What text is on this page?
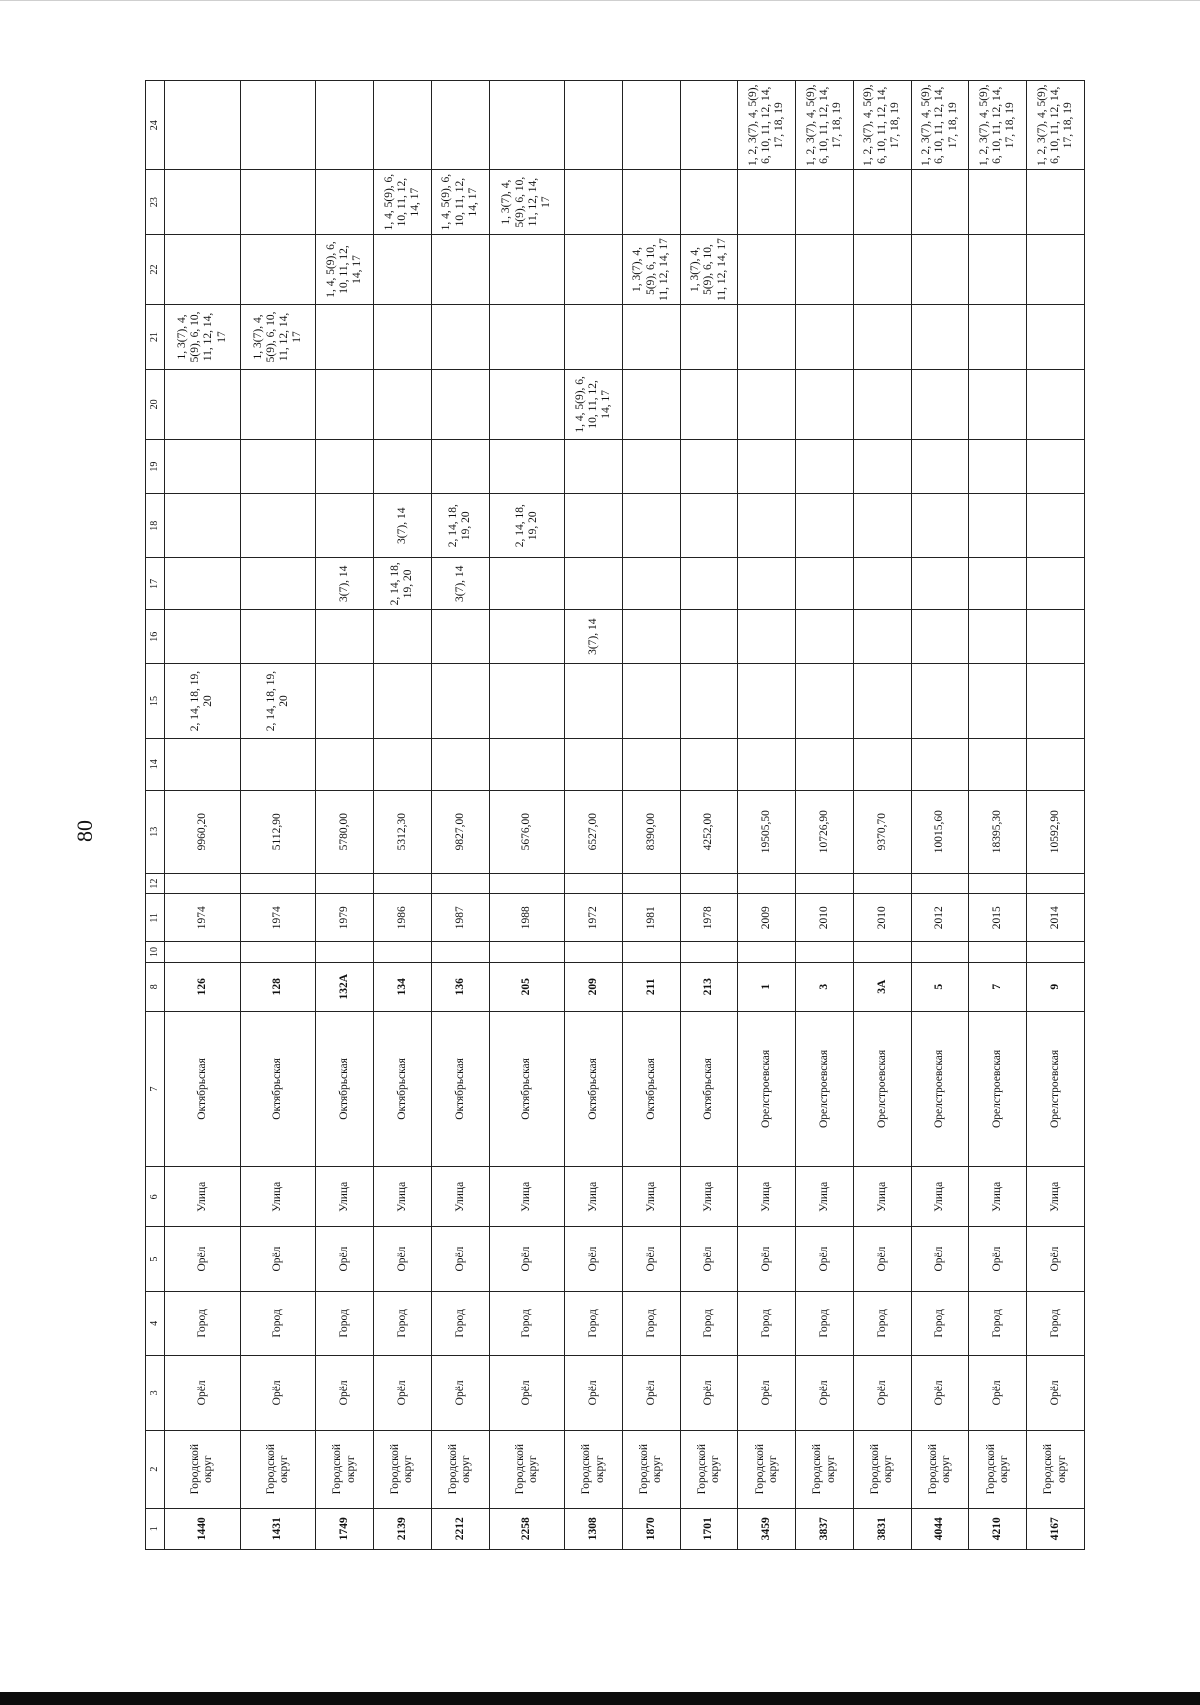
80
1	2	3	4	5	6	7	8	10	11	12	13	14	15	16	17	18	19	20	21	22	23	24
1440	Городской округ	Орёл	Город	Орёл	Улица	Октябрьская	126		1974		9960,20		2, 14, 18, 19, 20						1, 3(7), 4, 5(9), 6, 10, 11, 12, 14, 17			
1431	Городской округ	Орёл	Город	Орёл	Улица	Октябрьская	128		1974		5112,90		2, 14, 18, 19, 20						1, 3(7), 4, 5(9), 6, 10, 11, 12, 14, 17			
1749	Городской округ	Орёл	Город	Орёл	Улица	Октябрьская	132А		1979		5780,00				3(7), 14					1, 4, 5(9), 6, 10, 11, 12, 14, 17		
2139	Городской округ	Орёл	Город	Орёл	Улица	Октябрьская	134		1986		5312,30				2, 14, 18, 19, 20	3(7), 14					1, 4, 5(9), 6, 10, 11, 12, 14, 17	
2212	Городской округ	Орёл	Город	Орёл	Улица	Октябрьская	136		1987		9827,00				3(7), 14	2, 14, 18, 19, 20					1, 4, 5(9), 6, 10, 11, 12, 14, 17	
2258	Городской округ	Орёл	Город	Орёл	Улица	Октябрьская	205		1988		5676,00					2, 14, 18, 19, 20					1, 3(7), 4, 5(9), 6, 10, 11, 12, 14, 17	
1308	Городской округ	Орёл	Город	Орёл	Улица	Октябрьская	209		1972		6527,00			3(7), 14				1, 4, 5(9), 6, 10, 11, 12, 14, 17				
1870	Городской округ	Орёл	Город	Орёл	Улица	Октябрьская	211		1981		8390,00									1, 3(7), 4, 5(9), 6, 10, 11, 12, 14, 17		
1701	Городской округ	Орёл	Город	Орёл	Улица	Октябрьская	213		1978		4252,00									1, 3(7), 4, 5(9), 6, 10, 11, 12, 14, 17		
3459	Городской округ	Орёл	Город	Орёл	Улица	Орелстроевская	1		2009		19505,50											1, 2, 3(7), 4, 5(9), 6, 10, 11, 12, 14, 17, 18, 19
3837	Городской округ	Орёл	Город	Орёл	Улица	Орелстроевская	3		2010		10726,90											1, 2, 3(7), 4, 5(9), 6, 10, 11, 12, 14, 17, 18, 19
3831	Городской округ	Орёл	Город	Орёл	Улица	Орелстроевская	3А		2010		9370,70											1, 2, 3(7), 4, 5(9), 6, 10, 11, 12, 14, 17, 18, 19
4044	Городской округ	Орёл	Город	Орёл	Улица	Орелстроевская	5		2012		10015,60											1, 2, 3(7), 4, 5(9), 6, 10, 11, 12, 14, 17, 18, 19
4210	Городской округ	Орёл	Город	Орёл	Улица	Орелстроевская	7		2015		18395,30											1, 2, 3(7), 4, 5(9), 6, 10, 11, 12, 14, 17, 18, 19
4167	Городской округ	Орёл	Город	Орёл	Улица	Орелстроевская	9		2014		10592,90											1, 2, 3(7), 4, 5(9), 6, 10, 11, 12, 14, 17, 18, 19
